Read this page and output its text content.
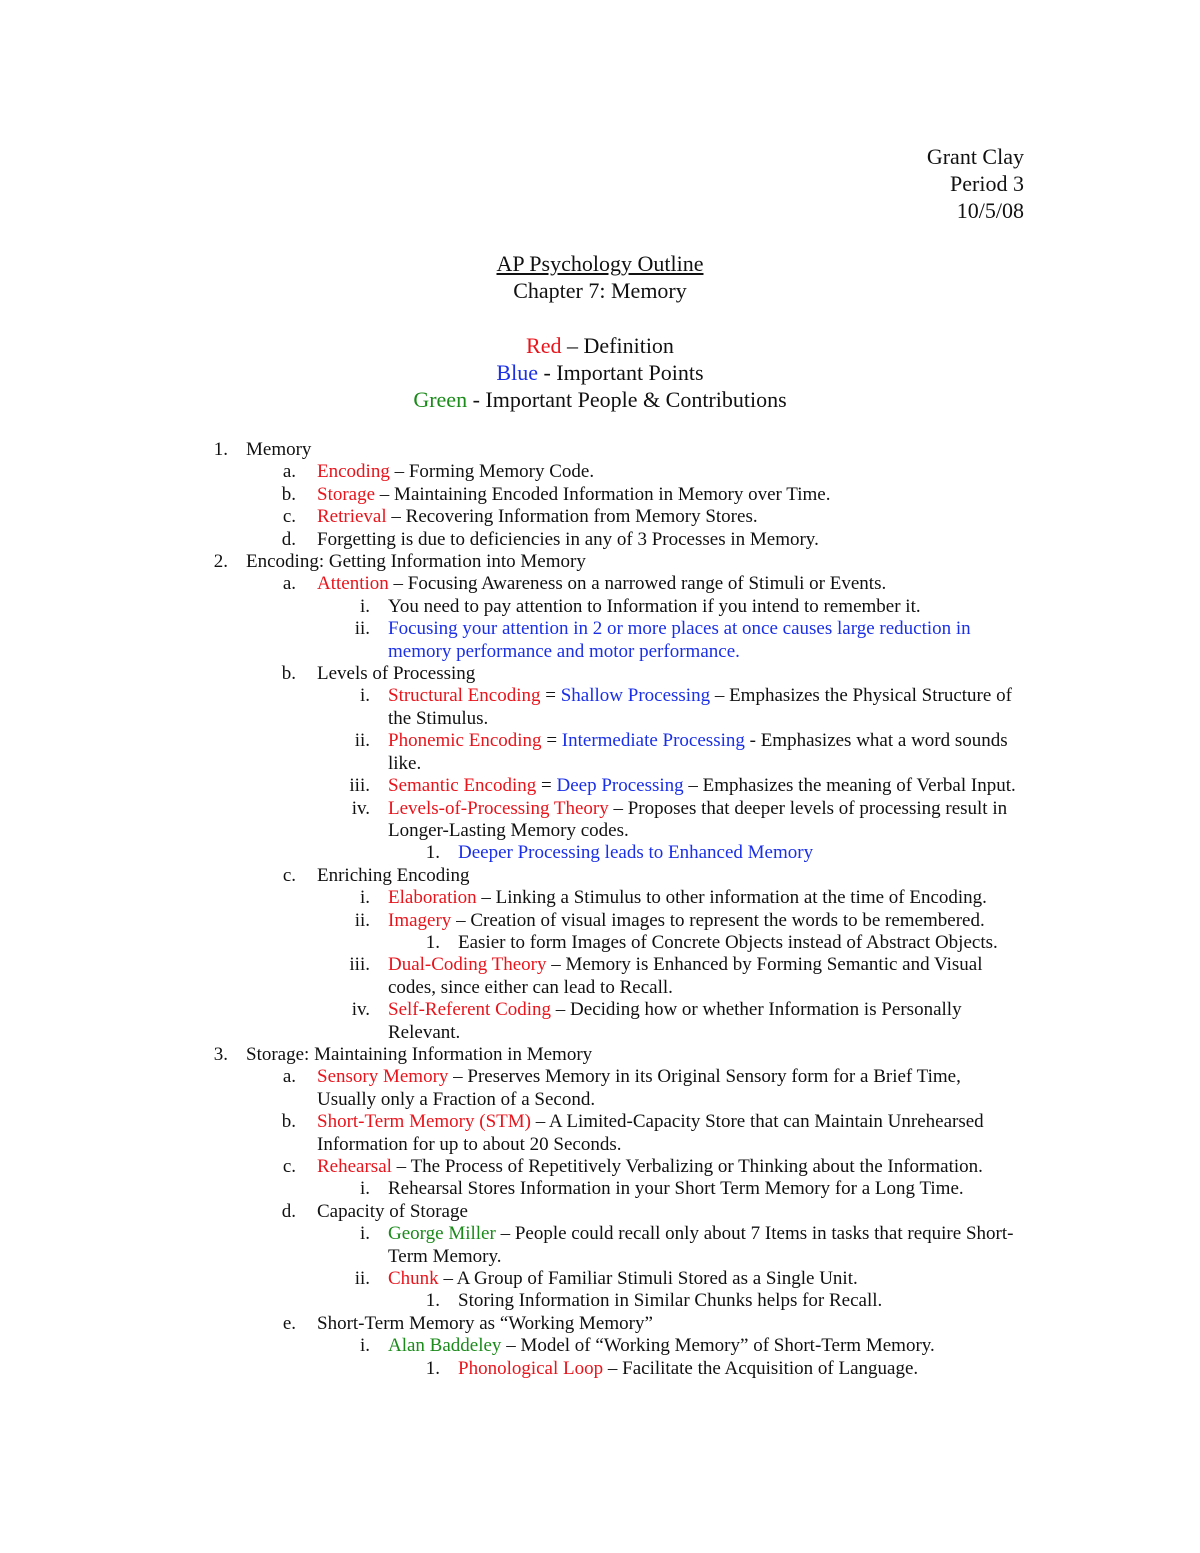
Grant Clay
Period 3
10/5/08
AP Psychology Outline
Chapter 7: Memory
Red – Definition
Blue - Important Points
Green - Important People & Contributions
1. Memory
a. Encoding – Forming Memory Code.
b. Storage – Maintaining Encoded Information in Memory over Time.
c. Retrieval – Recovering Information from Memory Stores.
d. Forgetting is due to deficiencies in any of 3 Processes in Memory.
2. Encoding: Getting Information into Memory
a. Attention – Focusing Awareness on a narrowed range of Stimuli or Events.
i. You need to pay attention to Information if you intend to remember it.
ii. Focusing your attention in 2 or more places at once causes large reduction in memory performance and motor performance.
b. Levels of Processing
i. Structural Encoding = Shallow Processing – Emphasizes the Physical Structure of the Stimulus.
ii. Phonemic Encoding = Intermediate Processing - Emphasizes what a word sounds like.
iii. Semantic Encoding = Deep Processing – Emphasizes the meaning of Verbal Input.
iv. Levels-of-Processing Theory – Proposes that deeper levels of processing result in Longer-Lasting Memory codes.
1. Deeper Processing leads to Enhanced Memory
c. Enriching Encoding
i. Elaboration – Linking a Stimulus to other information at the time of Encoding.
ii. Imagery – Creation of visual images to represent the words to be remembered.
1. Easier to form Images of Concrete Objects instead of Abstract Objects.
iii. Dual-Coding Theory – Memory is Enhanced by Forming Semantic and Visual codes, since either can lead to Recall.
iv. Self-Referent Coding – Deciding how or whether Information is Personally Relevant.
3. Storage: Maintaining Information in Memory
a. Sensory Memory – Preserves Memory in its Original Sensory form for a Brief Time, Usually only a Fraction of a Second.
b. Short-Term Memory (STM) – A Limited-Capacity Store that can Maintain Unrehearsed Information for up to about 20 Seconds.
c. Rehearsal – The Process of Repetitively Verbalizing or Thinking about the Information.
i. Rehearsal Stores Information in your Short Term Memory for a Long Time.
d. Capacity of Storage
i. George Miller – People could recall only about 7 Items in tasks that require Short-Term Memory.
ii. Chunk – A Group of Familiar Stimuli Stored as a Single Unit.
1. Storing Information in Similar Chunks helps for Recall.
e. Short-Term Memory as “Working Memory”
i. Alan Baddeley – Model of “Working Memory” of Short-Term Memory.
1. Phonological Loop – Facilitate the Acquisition of Language.
